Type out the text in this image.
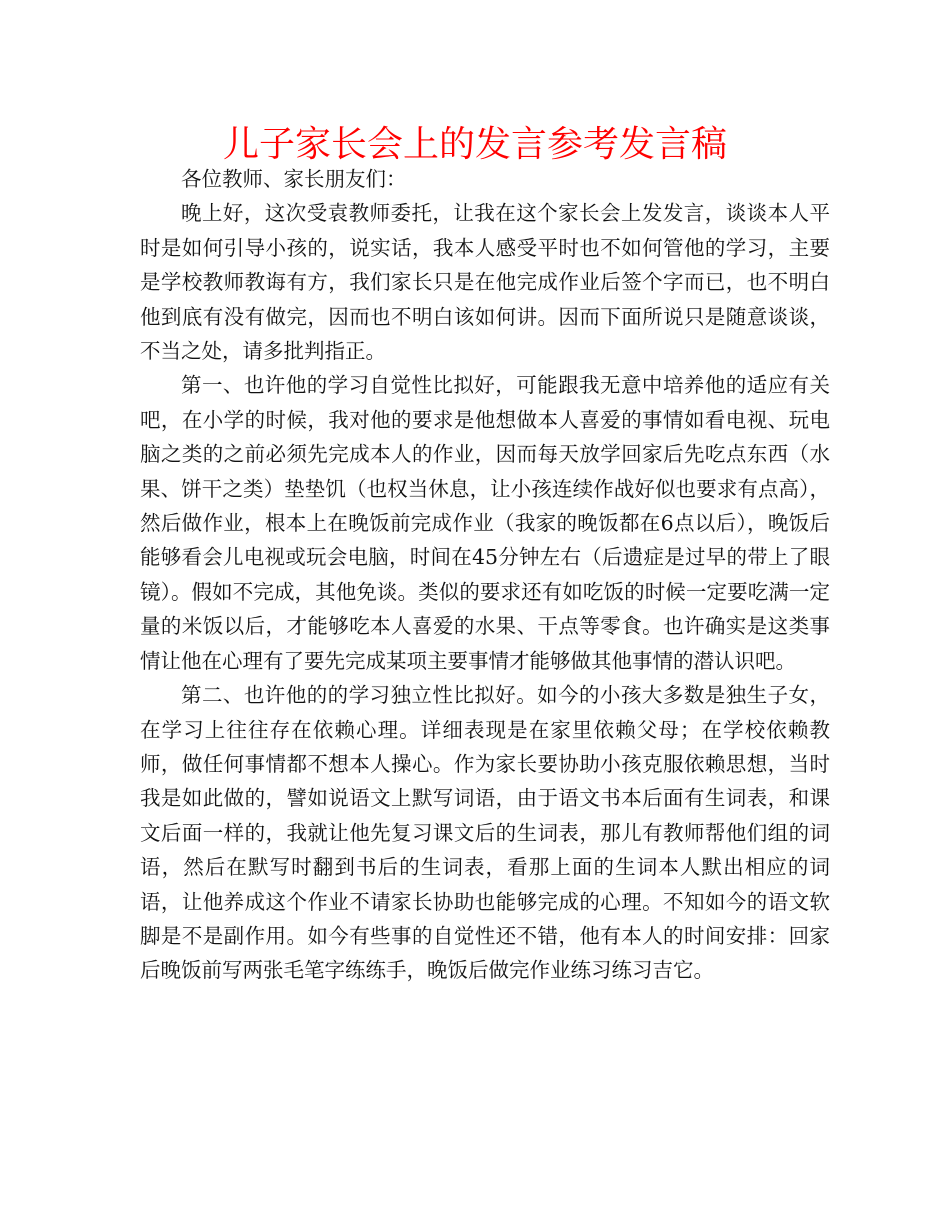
儿子家长会上的发言参考发言稿

各位教师、家长朋友们：

晚上好，这次受袁教师委托，让我在这个家长会上发发言，谈谈本人平时是如何引导小孩的，说实话，我本人感受平时也不如何管他的学习，主要是学校教师教诲有方，我们家长只是在他完成作业后签个字而已，也不明白他到底有没有做完，因而也不明白该如何讲。因而下面所说只是随意谈谈，不当之处，请多批判指正。

第一、也许他的学习自觉性比拟好，可能跟我无意中培养他的适应有关吧，在小学的时候，我对他的要求是他想做本人喜爱的事情如看电视、玩电脑之类的之前必须先完成本人的作业，因而每天放学回家后先吃点东西（水果、饼干之类）垫垫饥（也权当休息，让小孩连续作战好似也要求有点高），然后做作业，根本上在晚饭前完成作业（我家的晚饭都在6点以后），晚饭后能够看会儿电视或玩会电脑，时间在45分钟左右（后遗症是过早的带上了眼镜）。假如不完成，其他免谈。类似的要求还有如吃饭的时候一定要吃满一定量的米饭以后，才能够吃本人喜爱的水果、干点等零食。也许确实是这类事情让他在心理有了要先完成某项主要事情才能够做其他事情的潜认识吧。

第二、也许他的的学习独立性比拟好。如今的小孩大多数是独生子女，在学习上往往存在依赖心理。详细表现是在家里依赖父母；在学校依赖教师，做任何事情都不想本人操心。作为家长要协助小孩克服依赖思想，当时我是如此做的，譬如说语文上默写词语，由于语文书本后面有生词表，和课文后面一样的，我就让他先复习课文后的生词表，那儿有教师帮他们组的词语，然后在默写时翻到书后的生词表，看那上面的生词本人默出相应的词语，让他养成这个作业不请家长协助也能够完成的心理。不知如今的语文软脚是不是副作用。如今有些事的自觉性还不错，他有本人的时间安排：回家后晚饭前写两张毛笔字练练手，晚饭后做完作业练习练习吉它。
